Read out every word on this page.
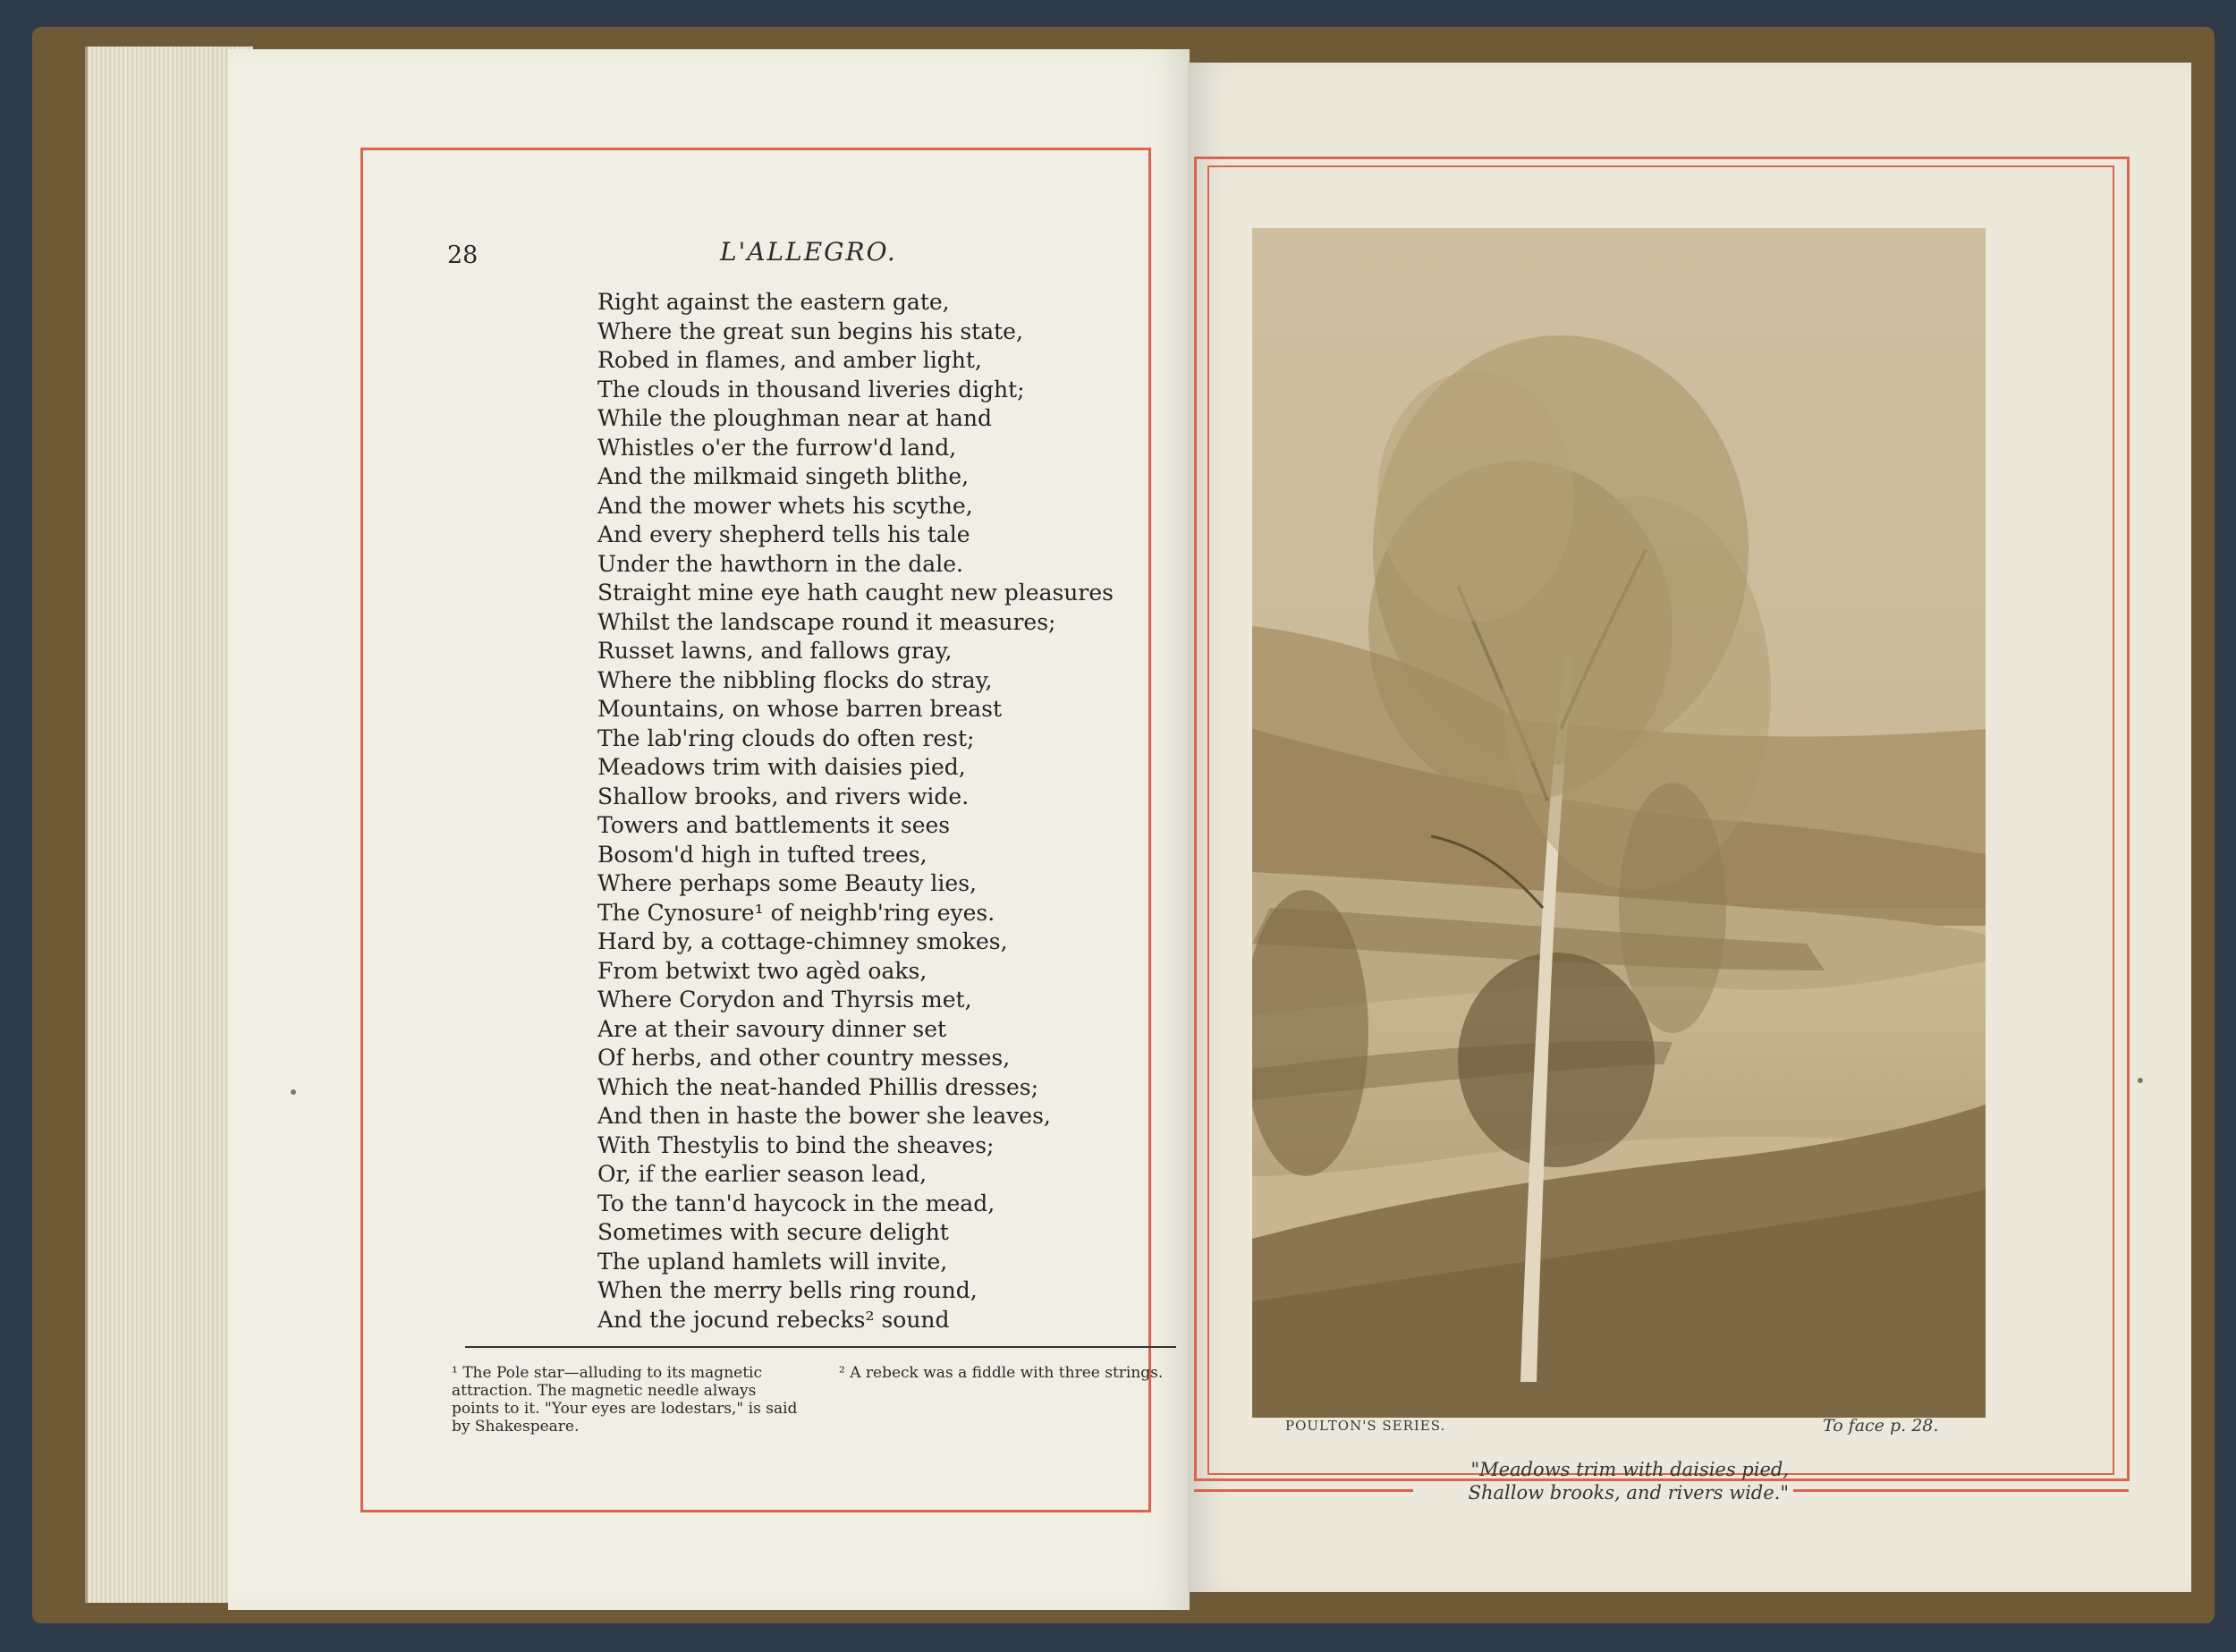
28	L'ALLEGRO.
Right against the eastern gate,
Where the great sun begins his state,
Robed in flames, and amber light,
The clouds in thousand liveries dight;
While the ploughman near at hand
Whistles o'er the furrow'd land,
And the milkmaid singeth blithe,
And the mower whets his scythe,
And every shepherd tells his tale
Under the hawthorn in the dale.
Straight mine eye hath caught new pleasures
Whilst the landscape round it measures;
Russet lawns, and fallows gray,
Where the nibbling flocks do stray,
Mountains, on whose barren breast
The lab'ring clouds do often rest;
Meadows trim with daisies pied,
Shallow brooks, and rivers wide.
Towers and battlements it sees
Bosom'd high in tufted trees,
Where perhaps some Beauty lies,
The Cynosure¹ of neighb'ring eyes.
Hard by, a cottage-chimney smokes,
From betwixt two agèd oaks,
Where Corydon and Thyrsis met,
Are at their savoury dinner set
Of herbs, and other country messes,
Which the neat-handed Phillis dresses;
And then in haste the bower she leaves,
With Thestylis to bind the sheaves;
Or, if the earlier season lead,
To the tann'd haycock in the mead,
Sometimes with secure delight
The upland hamlets will invite,
When the merry bells ring round,
And the jocund rebecks² sound
¹ The Pole star—alluding to its magnetic attraction. The magnetic needle always points to it. "Your eyes are lodestars," is said by Shakespeare.
² A rebeck was a fiddle with three strings.
POULTON'S SERIES.	To face p. 28.
"Meadows trim with daisies pied,
Shallow brooks, and rivers wide."
